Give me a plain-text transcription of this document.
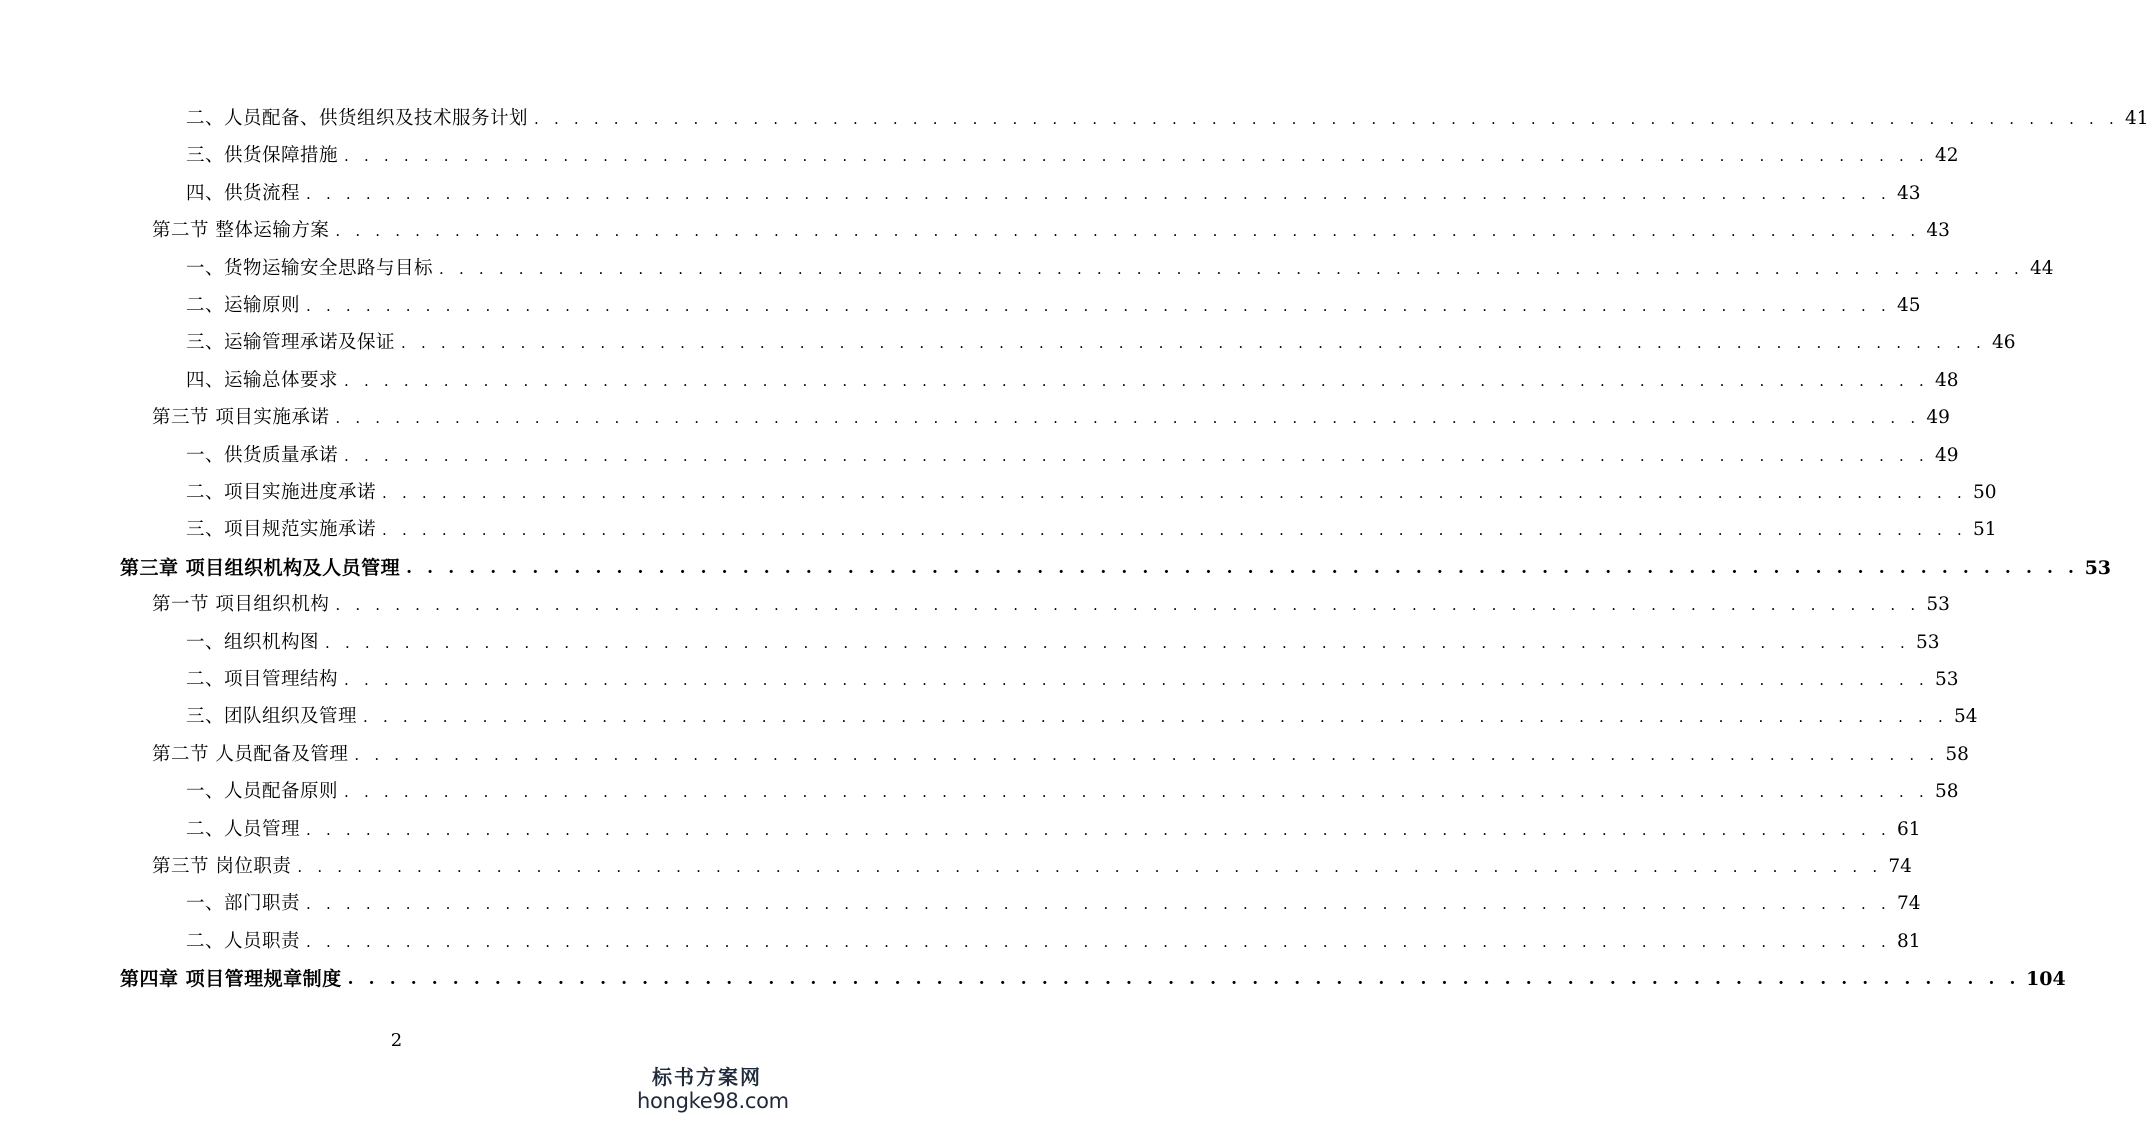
二、人员配备、供货组织及技术服务计划 . . . . . . . . . . . . . . . . . . . . . . . . . . . . . . . . . . . . . . . . . . . . . . . . . . . . . . . . . . . . . . . . . . . . . . . . . . . . . . . . 41
三、供货保障措施 . . . . . . . . . . . . . . . . . . . . . . . . . . . . . . . . . . . . . . . . . . . . . . . . . . . . . . . . . . . . . . . . . . . . . . . . . . . . . . . . 42
四、供货流程 . . . . . . . . . . . . . . . . . . . . . . . . . . . . . . . . . . . . . . . . . . . . . . . . . . . . . . . . . . . . . . . . . . . . . . . . . . . . . . . . 43
第二节 整体运输方案 . . . . . . . . . . . . . . . . . . . . . . . . . . . . . . . . . . . . . . . . . . . . . . . . . . . . . . . . . . . . . . . . . . . . . . . . . . . . . . . . 43
一、货物运输安全思路与目标 . . . . . . . . . . . . . . . . . . . . . . . . . . . . . . . . . . . . . . . . . . . . . . . . . . . . . . . . . . . . . . . . . . . . . . . . . . . . . . . . 44
二、运输原则 . . . . . . . . . . . . . . . . . . . . . . . . . . . . . . . . . . . . . . . . . . . . . . . . . . . . . . . . . . . . . . . . . . . . . . . . . . . . . . . . 45
三、运输管理承诺及保证 . . . . . . . . . . . . . . . . . . . . . . . . . . . . . . . . . . . . . . . . . . . . . . . . . . . . . . . . . . . . . . . . . . . . . . . . . . . . . . . . 46
四、运输总体要求 . . . . . . . . . . . . . . . . . . . . . . . . . . . . . . . . . . . . . . . . . . . . . . . . . . . . . . . . . . . . . . . . . . . . . . . . . . . . . . . . 48
第三节 项目实施承诺 . . . . . . . . . . . . . . . . . . . . . . . . . . . . . . . . . . . . . . . . . . . . . . . . . . . . . . . . . . . . . . . . . . . . . . . . . . . . . . . . 49
一、供货质量承诺 . . . . . . . . . . . . . . . . . . . . . . . . . . . . . . . . . . . . . . . . . . . . . . . . . . . . . . . . . . . . . . . . . . . . . . . . . . . . . . . . 49
二、项目实施进度承诺 . . . . . . . . . . . . . . . . . . . . . . . . . . . . . . . . . . . . . . . . . . . . . . . . . . . . . . . . . . . . . . . . . . . . . . . . . . . . . . . . 50
三、项目规范实施承诺 . . . . . . . . . . . . . . . . . . . . . . . . . . . . . . . . . . . . . . . . . . . . . . . . . . . . . . . . . . . . . . . . . . . . . . . . . . . . . . . . 51
第三章 项目组织机构及人员管理 . . . . . . . . . . . . . . . . . . . . . . . . . . . . . . . . . . . . . . . . . . . . . . . . . . . . . . . . . . . . . . . . . . . . . . . . . . . . . . . . 53
第一节 项目组织机构 . . . . . . . . . . . . . . . . . . . . . . . . . . . . . . . . . . . . . . . . . . . . . . . . . . . . . . . . . . . . . . . . . . . . . . . . . . . . . . . . 53
一、组织机构图 . . . . . . . . . . . . . . . . . . . . . . . . . . . . . . . . . . . . . . . . . . . . . . . . . . . . . . . . . . . . . . . . . . . . . . . . . . . . . . . . 53
二、项目管理结构 . . . . . . . . . . . . . . . . . . . . . . . . . . . . . . . . . . . . . . . . . . . . . . . . . . . . . . . . . . . . . . . . . . . . . . . . . . . . . . . . 53
三、团队组织及管理 . . . . . . . . . . . . . . . . . . . . . . . . . . . . . . . . . . . . . . . . . . . . . . . . . . . . . . . . . . . . . . . . . . . . . . . . . . . . . . . . 54
第二节 人员配备及管理 . . . . . . . . . . . . . . . . . . . . . . . . . . . . . . . . . . . . . . . . . . . . . . . . . . . . . . . . . . . . . . . . . . . . . . . . . . . . . . . . 58
一、人员配备原则 . . . . . . . . . . . . . . . . . . . . . . . . . . . . . . . . . . . . . . . . . . . . . . . . . . . . . . . . . . . . . . . . . . . . . . . . . . . . . . . . 58
二、人员管理 . . . . . . . . . . . . . . . . . . . . . . . . . . . . . . . . . . . . . . . . . . . . . . . . . . . . . . . . . . . . . . . . . . . . . . . . . . . . . . . . 61
第三节 岗位职责 . . . . . . . . . . . . . . . . . . . . . . . . . . . . . . . . . . . . . . . . . . . . . . . . . . . . . . . . . . . . . . . . . . . . . . . . . . . . . . . . 74
一、部门职责 . . . . . . . . . . . . . . . . . . . . . . . . . . . . . . . . . . . . . . . . . . . . . . . . . . . . . . . . . . . . . . . . . . . . . . . . . . . . . . . . 74
二、人员职责 . . . . . . . . . . . . . . . . . . . . . . . . . . . . . . . . . . . . . . . . . . . . . . . . . . . . . . . . . . . . . . . . . . . . . . . . . . . . . . . . 81
第四章 项目管理规章制度 . . . . . . . . . . . . . . . . . . . . . . . . . . . . . . . . . . . . . . . . . . . . . . . . . . . . . . . . . . . . . . . . . . . . . . . . . . . . . . . . 104
2
标书方案网
hongke98.com
